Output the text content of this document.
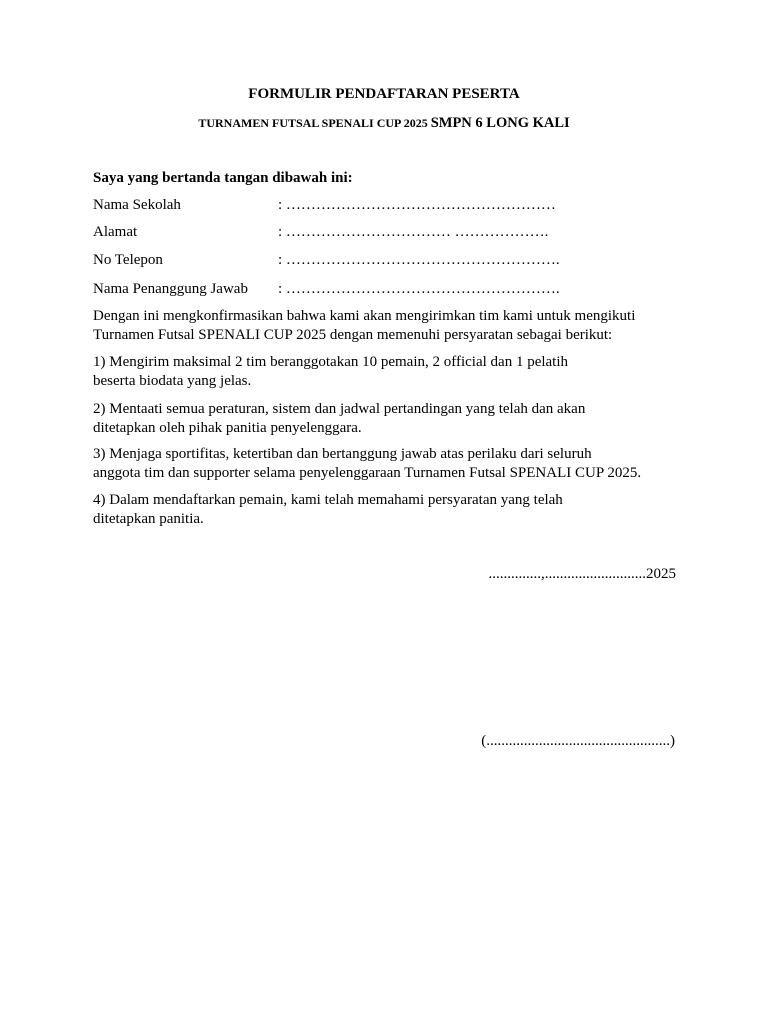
FORMULIR PENDAFTARAN PESERTA
TURNAMEN FUTSAL SPENALI CUP 2025 SMPN 6 LONG KALI
Saya yang bertanda tangan dibawah ini:
Nama Sekolah	: ………………………………………………
Alamat	: …………………………… ……………….
No Telepon	: ……………………………………………….
Nama Penanggung Jawab : ……………………………………………….

Dengan ini mengkonfirmasikan bahwa kami akan mengirimkan tim kami untuk mengikuti

Turnamen Futsal SPENALI CUP 2025 dengan memenuhi persyaratan sebagai berikut:

1) Mengirim maksimal 2 tim beranggotakan 10 pemain, 2 official dan 1 pelatih

beserta biodata yang jelas.

2) Mentaati semua peraturan, sistem dan jadwal pertandingan yang telah dan akan

ditetapkan oleh pihak panitia penyelenggara.

3) Menjaga sportifitas, ketertiban dan bertanggung jawab atas perilaku dari seluruh

anggota tim dan supporter selama penyelenggaraan Turnamen Futsal SPENALI CUP 2025.

4) Dalam mendaftarkan pemain, kami telah memahami persyaratan yang telah

ditetapkan panitia.

..............,...........................2025
(.................................................)
